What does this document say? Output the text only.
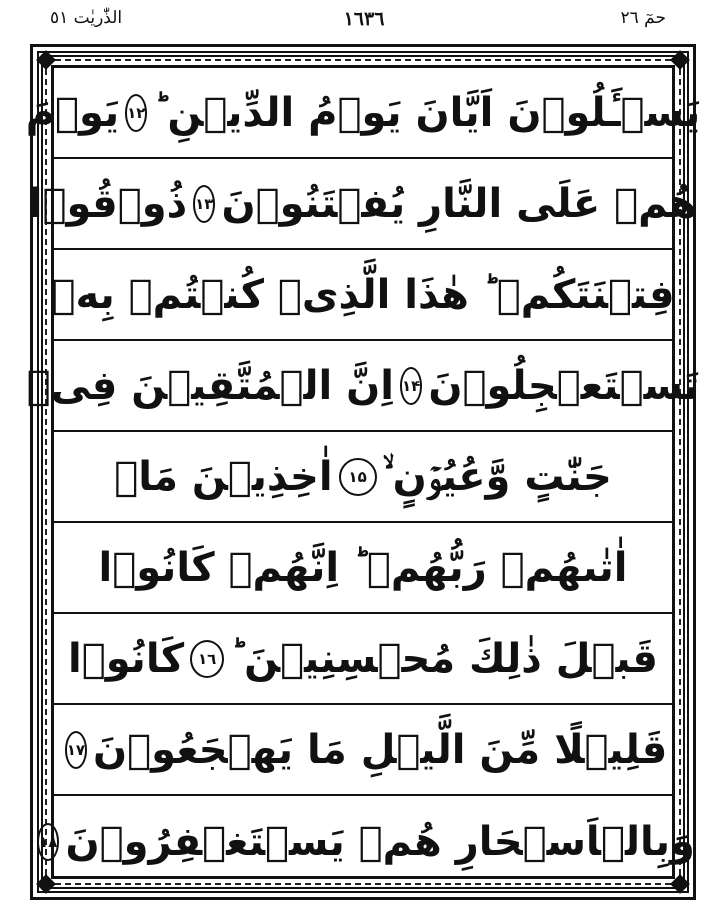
حمٓ ۲٦
١٦٣٦
الذّٰريٰت ٥١
يَسۡـَٔلُوۡنَ اَيَّانَ يَوۡمُ الدِّيۡنِ ؕ
۱۲
يَوۡمَ
هُمۡ عَلَى النَّارِ يُفۡتَنُوۡنَ
۱۳
ذُوۡقُوۡا
فِتۡنَتَكُمۡ ؕ هٰذَا الَّذِىۡ كُنۡتُمۡ بِهٖ
تَسۡتَعۡجِلُوۡنَ
۱۴
اِنَّ الۡمُتَّقِيۡنَ فِىۡ
جَنّٰتٍ وَّعُيُوۡنٍ ۙ
۱۵
اٰخِذِيۡنَ مَاۤ
اٰتٰٮهُمۡ رَبُّهُمۡ ؕ اِنَّهُمۡ كَانُوۡا
قَبۡلَ ذٰلِكَ مُحۡسِنِيۡنَ ؕ
۱٦
كَانُوۡا
قَلِيۡلًا مِّنَ الَّيۡلِ مَا يَهۡجَعُوۡنَ
۱۷
وَبِالۡاَسۡحَارِ هُمۡ يَسۡتَغۡفِرُوۡنَ
۱۸
